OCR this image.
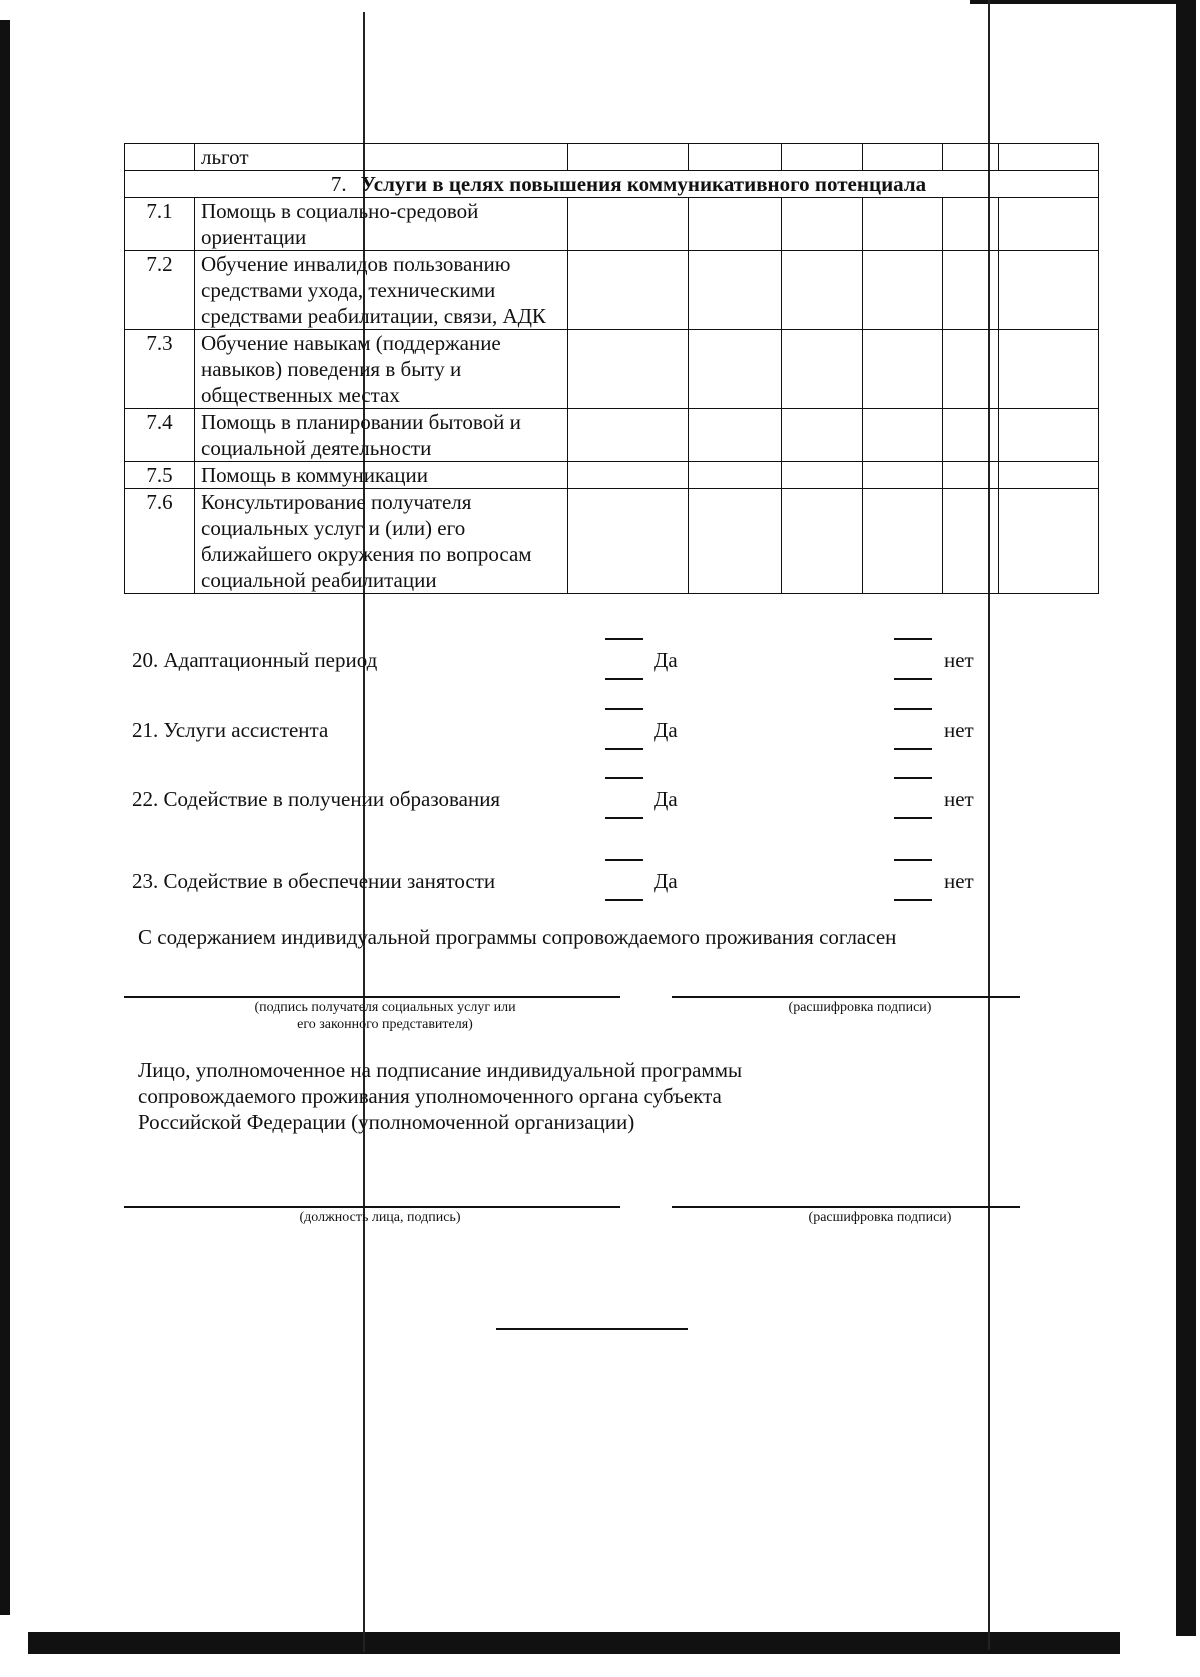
	льгот						
7. Услуги в целях повышения коммуникативного потенциала							
7.1	Помощь в социально-средовой ориентации						
7.2	Обучение инвалидов пользованию средствами ухода, техническими средствами реабилитации, связи, АДК						
7.3	Обучение навыкам (поддержание навыков) поведения в быту и общественных местах						
7.4	Помощь в планировании бытовой и социальной деятельности						
7.5	Помощь в коммуникации						
7.6	Консультирование получателя социальных услуг и (или) его ближайшего окружения по вопросам социальной реабилитации						
20. Адаптационный период	Да	нет
21. Услуги ассистента	Да	нет
22. Содействие в получении образования	Да	нет
23. Содействие в обеспечении занятости	Да	нет
С содержанием индивидуальной программы сопровождаемого проживания согласен
(подпись получателя социальных услуг или
его законного представителя)
(расшифровка подписи)
Лицо, уполномоченное на подписание индивидуальной программы сопровождаемого проживания уполномоченного органа субъекта Российской Федерации (уполномоченной организации)
(должность лица, подпись)	(расшифровка подписи)
